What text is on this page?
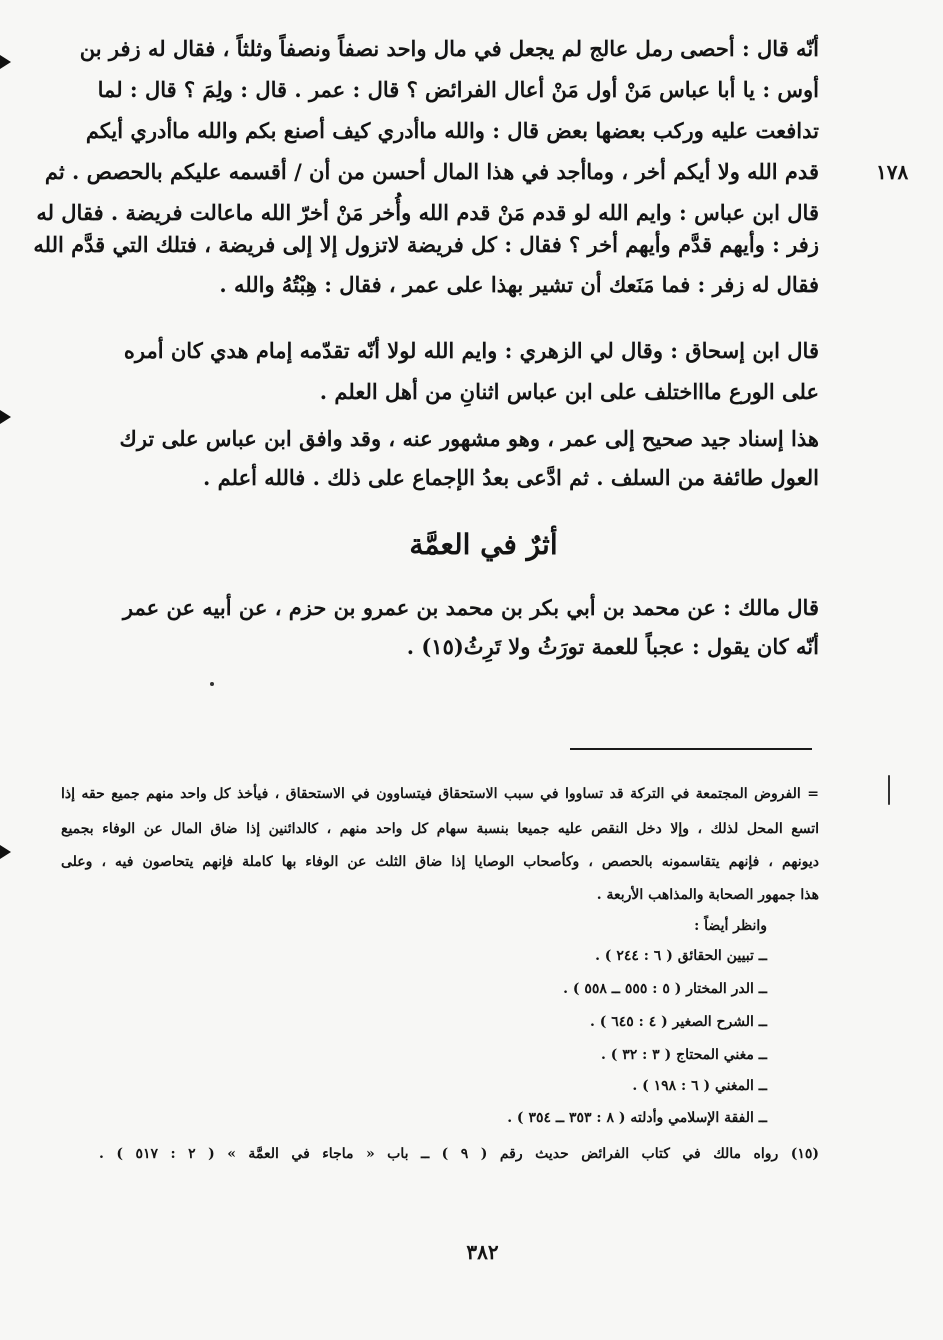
أنّه قال : أحصى رمل عالج لم يجعل في مال واحد نصفاً ونصفاً وثلثاً ، فقال له زفر بن
أوس : يا أبا عباس مَنْ أول مَنْ أعال الفرائض ؟ قال : عمر . قال : ولِمَ ؟ قال : لما
تدافعت عليه وركب بعضها بعض قال : والله ماأدري كيف أصنع بكم والله ماأدري أيكم
قدم الله ولا أيكم أخر ، وماأجد في هذا المال أحسن من أن / أقسمه عليكم بالحصص . ثم
قال ابن عباس : وايم الله لو قدم مَنْ قدم الله وأُخر مَنْ أخرّ الله ماعالت فريضة . فقال له
زفر : وأيهم قدَّم وأيهم أخر ؟ فقال : كل فريضة لاتزول إلا إلى فريضة ، فتلك التي قدَّم الله
فقال له زفر : فما مَنَعك أن تشير بهذا على عمر ، فقال : هِبْتُهُ والله .
١٧٨
قال ابن إسحاق : وقال لي الزهري : وايم الله لولا أنّه تقدّمه إمام هدي كان أمره
على الورع ماااختلف على ابن عباس اثنانِ من أهل العلم .
هذا إسناد جيد صحيح إلى عمر ، وهو مشهور عنه ، وقد وافق ابن عباس على ترك
العول طائفة من السلف . ثم ادَّعى بعدُ الإجماع على ذلك . فالله أعلم .
أثرٌ في العمَّة
قال مالك : عن محمد بن أبي بكر بن محمد بن عمرو بن حزم ، عن أبيه عن عمر
أنّه كان يقول : عجباً للعمة تورَثُ ولا تَرِثُ(١٥) .
= الفروض المجتمعة في التركة قد تساووا في سبب الاستحقاق فيتساوون في الاستحقاق ، فيأخذ كل واحد منهم جميع حقه إذا
اتسع المحل لذلك ، وإلا دخل النقص عليه جميعا بنسبة سهام كل واحد منهم ، كالدائنين إذا ضاق المال عن الوفاء بجميع
ديونهم ، فإنهم يتقاسمونه بالحصص ، وكأصحاب الوصايا إذا ضاق الثلث عن الوفاء بها كاملة فإنهم يتحاصون فيه ، وعلى
هذا جمهور الصحابة والمذاهب الأربعة .
وانظر أيضاً :
ــ تبيين الحقائق ( ٦ : ٢٤٤ ) .
ــ الدر المختار ( ٥ : ٥٥٥ ــ ٥٥٨ ) .
ــ الشرح الصغير ( ٤ : ٦٤٥ ) .
ــ مغني المحتاج ( ٣ : ٣٢ ) .
ــ المغني ( ٦ : ١٩٨ ) .
ــ الفقة الإسلامي وأدلته ( ٨ : ٣٥٣ ــ ٣٥٤ ) .
(١٥) رواه مالك في كتاب الفرائض حديث رقم ( ٩ ) ــ باب « ماجاء في العمَّة » ( ٢ : ٥١٧ ) .
٣٨٢
